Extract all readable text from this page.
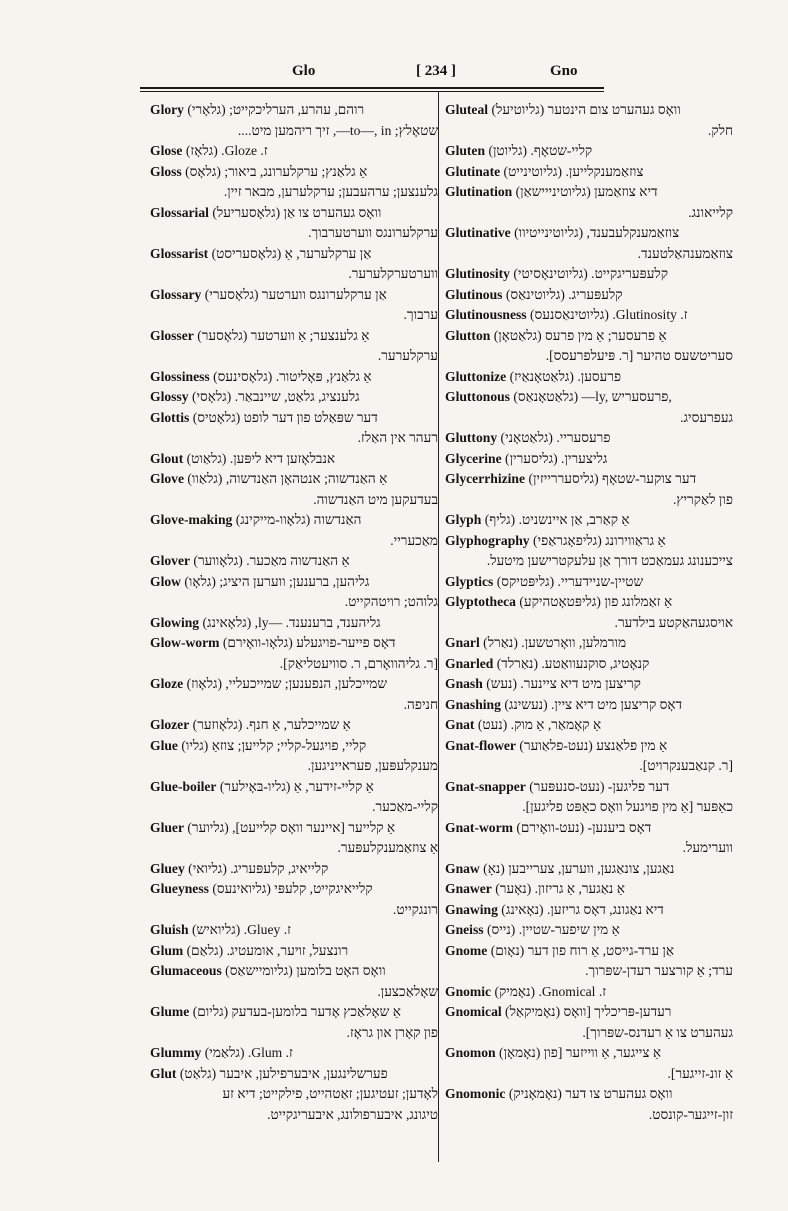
Glo	[ 234 ]	Gno
Glory (גלאָרי) רוהם, עהרע, הערליכקייט;
שטאָלץ; to—, in—, זיך ריהמען מיט....
Glose (גלאָז) ז. Gloze.
Gloss אַ גלאַנץ; ערקלערונג, ביאור; (גלאָס)
גלענצען; ערהעבען; ערקלערען, מבאר זיין.
Glossarial (גלאָסעריעל) וואָס געהערט צו אַן
ערקלערונגס ווערטערבוך.
Glossarist (גלאָסעריסט) אַן ערקלערער, אַ
ווערטערקלערער.
Glossary (גלאָסערי) אַן ערקלערונגס ווערטער
ערבוך.
Glosser (גלאָסער) אַ גלענצער; אַ ווערטער
ערקלערער.
Glossiness (גלאָסינעס) אַ גלאַנץ, פּאָליטור.
Glossy (גלאָסי) גלענציג, גלאַט, שיינבאַר.
Glottis (גלאָטיס) דער שפּאַלט פון דער לופט
רעהר אין האַלז.
Glout (גלאַוט) אנבלאָזען דיא ליפּען.
Glove (גלאַוו) אַ האַנדשוה; אנטהאָן האַנדשוה,
בעדעקען מיט האַנדשוה.
Glove-making (גלאָוו-מייקינג) האַנדשוה
מאַכעריי.
Glover (גלאָווער) אַ האַנדשוה מאַכער.
Glow (גלאָו) גליהען, ברענען; ווערען היציג;
גלוהט; רויטהקייט.
Glowing (גלאָאינג) גליהענד, ברענענד. —ly,
Glow-worm (גלאָו-וואָירם) דאָס פייער-פויגעלע
[ר. גליהוואָרם, ר. סוויעטליאַק].
Gloze (גלאָוז) שמייכלען, הנפענען; שמייכעליי,
חניפה.
Glozer (גלאָוזער) אַ שמייכלער, אַ חנף.
Glue (גליו) קליי, פויגעל-קליי; קלייען; צוזאַ
מענקלעפּען, פעראייניגען.
Glue-boiler (גליו-בּאָילער) אַ קליי-זידער, אַ
קליי-מאַכער.
Gluer (גליוער) אַ קלייער [איינער וואָס קלייעט],
אַ צוזאַמענקלעפּער.
Gluey (גליואי) קלייאיג, קלעפּעריג.
Glueyness (גליואינעס) קלייאיגקייט, קלעפּי
רונגקייט.
Gluish (גליואיש) ז. Gluey.
Glum (גלאַם) רונצעל, זויער, אומעטיג.
Glumaceous (גליומיישאַס) וואָס האָט בלומען
שאָלאַכצען.
Glume (גליום) אַ שאָלאַכץ אָדער בלומען-בעדעק
פון קאָרן און גראָז.
Glummy (גלאַמי) ז. Glum.
Glut (גלאַט) פערשלינגען, איבערפילען, איבער
לאָדען; זעטיגען; זאַטהייט, פילקייט; דיא זע
טיגונג, איבערפולונג, איבעריגקייט.
Gluteal (גליוטיעל) וואָס געהערט צום הינטער
חלק.
Gluten (גליוטן) קליי-שטאָף.
Glutinate (גליוטינייט) צוזאַמענקלייען.
Glutination (גליוטינייישאַן) דיא צוזאַמען
קלייאונג.
Glutinative (גליוטינייטיוו) צוזאַמענקלעבענד,
צוזאַמענהאַלטענד.
Glutinosity (גליוטינאָסיטי) קלעפּעריגקייט.
Glutinous (גליוטינאַס) קלעפּעריג.
Glutinousness (גליוטינאַסנעס) ז. Glutinosity.
Glutton (גלאַטאָן) אַ פרעסער; אַ מין פרעס
סעריטשעס טהיער [ר. פּיעלפרעסס].
Gluttonize (גלאַטאָנאַיז) פרעסען.
Gluttonous (גלאַטאָנאַס) —ly, פרעסעריש,
געפרעסיג.
Gluttony (גלאַטאָני) פרעסעריי.
Glycerine (גליסערין) גליצערין.
Glycerrhizine (גליסעררייזין) דער צוקער-שטאָף
פון לאַקריץ.
Glyph (גליף) אַ קאַרב, אַן איינשניט.
Glyphography (גליפאָגראַפי) אַ גראַווירונג
צייכענונג געמאַכט דורך אַן עלעקטרישען מיטעל.
Glyptics (גליפּטיקס) שטיין-שניידעריי.
Glyptotheca (גליפּטאָטהיקע) אַ זאַמלונג פון
אויסגעהאַקטע בילדער.
Gnarl (נאַרל) מורמלען, וואָרטשען.
Gnarled (נאַרלד) קנאָטיג, סוקנעוואַטע.
Gnash (נעש) קריצען מיט דיא ציינער.
Gnashing (נעשינג) דאָס קריצען מיט דיא ציין.
Gnat (נעט) אַ קאָמאַר, אַ מוק.
Gnat-flower (נעט-פלאַוער) אַ מין פלאַנצע
[ר. קנאַבענקרויט].
Gnat-snapper (נעט-סנעפּער) דער פליגען-
כאַפּער [אַ מין פויגעל וואָס כאַפּט פליגען].
Gnat-worm (נעט-וואָירם) דאָס ביענען-
ווערימעל.
Gnaw (נאָ) נאַגען, צונאַגען, ווערען, צערייבען
Gnawer (נאָער) אַ נאַגער, אַ גריזון.
Gnawing (נאָאינג) דיא נאַגונג, דאָס גריזען.
Gneiss (נייס) אַ מין שיפער-שטיין.
Gnome (נאָום) אַן ערד-גייסט, אַ רוח פון דער
ערד; אַ קורצער רעדן-שפּרוך.
Gnomic (נאָמיק) ז. Gnomical.
Gnomical (נאָמיקאַל) רעדען-פּריכליך [וואָס
געהערט צו אַ רעדנס-שפּרוך].
Gnomon (נאָמאָן) אַ צייגער, אַ ווייזער [פון
אַ זונ-זייגער].
Gnomonic (נאָמאָניק) וואָס געהערט צו דער
זון-זייגער-קונסט.
